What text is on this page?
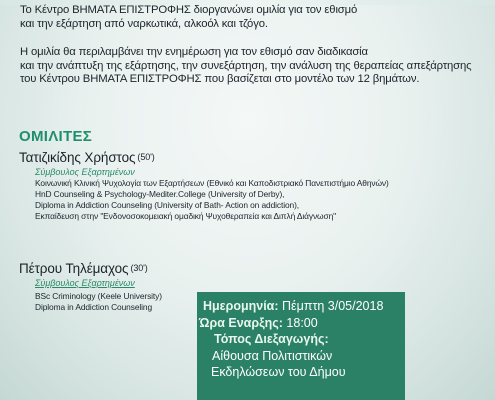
Το Κέντρο ΒΗΜΑΤΑ ΕΠΙΣΤΡΟΦΗΣ διοργανώνει ομιλία για τον εθισμό
και την εξάρτηση από ναρκωτικά, αλκοόλ και τζόγο.

Η ομιλία θα περιλαμβάνει την ενημέρωση για τον εθισμό σαν διαδικασία
και την ανάπτυξη της εξάρτησης, την συνεξάρτηση, την ανάλυση της θεραπείας απεξάρτησης
του Κέντρου ΒΗΜΑΤΑ ΕΠΙΣΤΡΟΦΗΣ που βασίζεται στο μοντέλο των 12 βημάτων.

ΟΜΙΛΙΤΕΣ
Τατιζικίδης Χρήστος (50')
Σύμβουλος Εξαρτημένων
Κοινωνική Κλινική Ψυχολογία των Εξαρτήσεων (Εθνικό και Καποδιστριακό Πανεπιστήμιο Αθηνών)
HnD Counseling & Psychology-Mediter.College (University of Derby),
Diploma in Addiction Counseling (University of Bath- Action on addiction),
Εκπαίδευση στην "Ενδονοσοκομειακή ομαδική Ψυχοθεραπεία και Διπλή Διάγνωση"
Πέτρου Τηλέμαχος (30')
Σύμβουλος Εξαρτημένων
BSc Criminology (Keele University)
Diploma in Addiction Counseling	Ημερομηνία: Πέμπτη 3/05/2018
Ώρα Εναρξης: 18:00
Τόπος Διεξαγωγής:
Αίθουσα Πολιτιστικών
Εκδηλώσεων του Δήμου
